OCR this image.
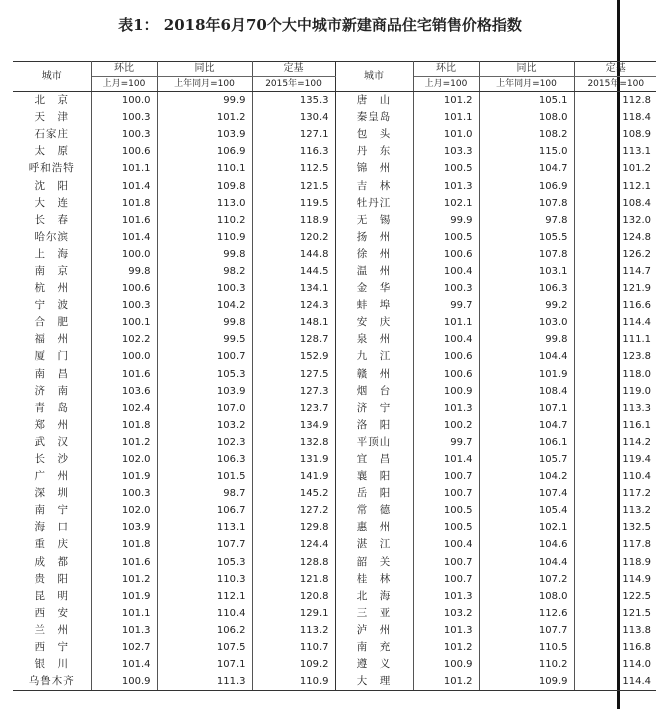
表1： 2018年6月70个大中城市新建商品住宅销售价格指数
城市	环比	同比	定基	城市	环比	同比	定基
	上月=100	上年同月=100	2015年=100		上月=100	上年同月=100	2015年=100
北　京	100.0	99.9	135.3	唐　山	101.2	105.1	112.8
天　津	100.3	101.2	130.4	秦皇岛	101.1	108.0	118.4
石家庄	100.3	103.9	127.1	包　头	101.0	108.2	108.9
太　原	100.6	106.9	116.3	丹　东	103.3	115.0	113.1
呼和浩特	101.1	110.1	112.5	锦　州	100.5	104.7	101.2
沈　阳	101.4	109.8	121.5	吉　林	101.3	106.9	112.1
大　连	101.8	113.0	119.5	牡丹江	102.1	107.8	108.4
长　春	101.6	110.2	118.9	无　锡	99.9	97.8	132.0
哈尔滨	101.4	110.9	120.2	扬　州	100.5	105.5	124.8
上　海	100.0	99.8	144.8	徐　州	100.6	107.8	126.2
南　京	99.8	98.2	144.5	温　州	100.4	103.1	114.7
杭　州	100.6	100.3	134.1	金　华	100.3	106.3	121.9
宁　波	100.3	104.2	124.3	蚌　埠	99.7	99.2	116.6
合　肥	100.1	99.8	148.1	安　庆	101.1	103.0	114.4
福　州	102.2	99.5	128.7	泉　州	100.4	99.8	111.1
厦　门	100.0	100.7	152.9	九　江	100.6	104.4	123.8
南　昌	101.6	105.3	127.5	赣　州	100.6	101.9	118.0
济　南	103.6	103.9	127.3	烟　台	100.9	108.4	119.0
青　岛	102.4	107.0	123.7	济　宁	101.3	107.1	113.3
郑　州	101.8	103.2	134.9	洛　阳	100.2	104.7	116.1
武　汉	101.2	102.3	132.8	平顶山	99.7	106.1	114.2
长　沙	102.0	106.3	131.9	宜　昌	101.4	105.7	119.4
广　州	101.9	101.5	141.9	襄　阳	100.7	104.2	110.4
深　圳	100.3	98.7	145.2	岳　阳	100.7	107.4	117.2
南　宁	102.0	106.7	127.2	常　德	100.5	105.4	113.2
海　口	103.9	113.1	129.8	惠　州	100.5	102.1	132.5
重　庆	101.8	107.7	124.4	湛　江	100.4	104.6	117.8
成　都	101.6	105.3	128.8	韶　关	100.7	104.4	118.9
贵　阳	101.2	110.3	121.8	桂　林	100.7	107.2	114.9
昆　明	101.9	112.1	120.8	北　海	101.3	108.0	122.5
西　安	101.1	110.4	129.1	三　亚	103.2	112.6	121.5
兰　州	101.3	106.2	113.2	泸　州	101.3	107.7	113.8
西　宁	102.7	107.5	110.7	南　充	101.2	110.5	116.8
银　川	101.4	107.1	109.2	遵　义	100.9	110.2	114.0
乌鲁木齐	100.9	111.3	110.9	大　理	101.2	109.9	114.4
